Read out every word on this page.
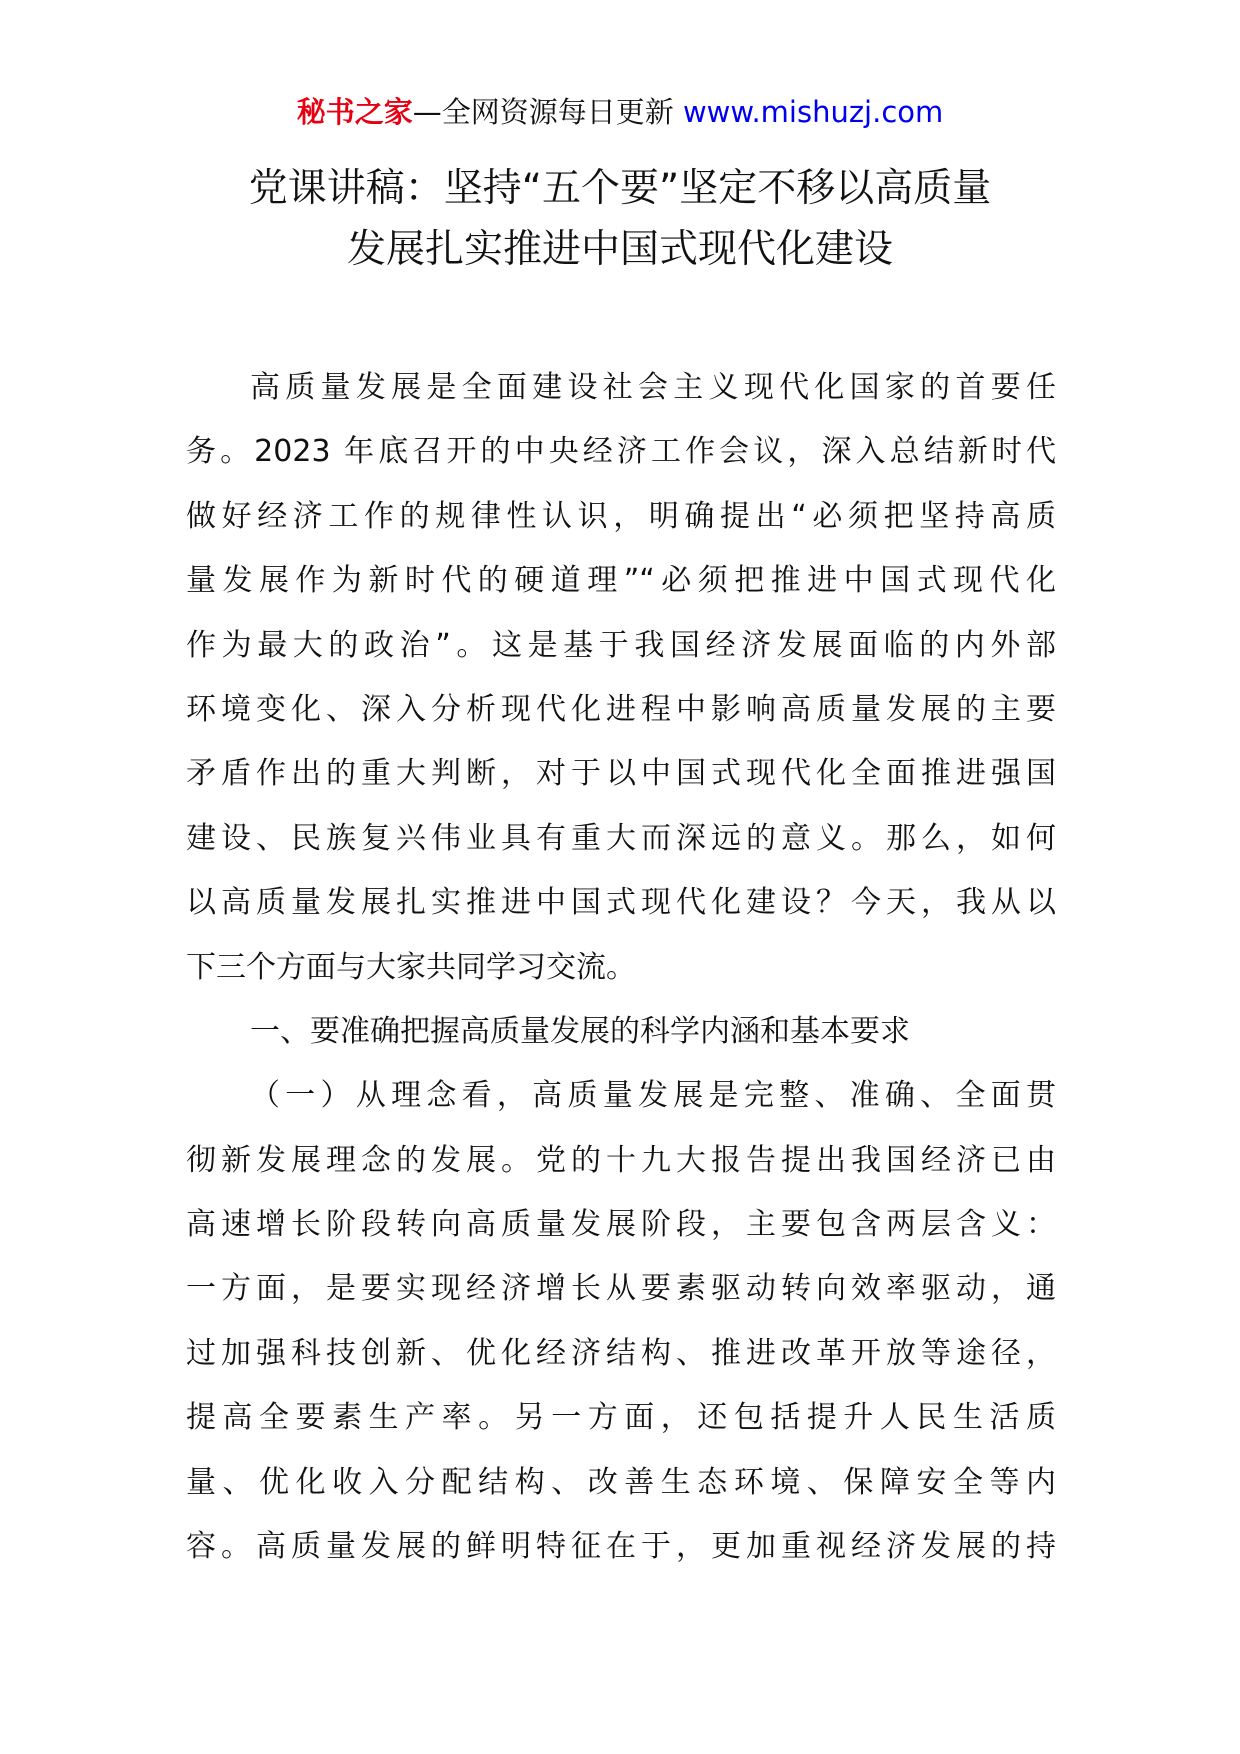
秘书之家—全网资源每日更新 www.mishuzj.com
党课讲稿：坚持“五个要”坚定不移以高质量
发展扎实推进中国式现代化建设
高质量发展是全面建设社会主义现代化国家的首要任
务。2023 年底召开的中央经济工作会议，深入总结新时代
做好经济工作的规律性认识，明确提出“必须把坚持高质
量发展作为新时代的硬道理”“必须把推进中国式现代化
作为最大的政治”。这是基于我国经济发展面临的内外部
环境变化、深入分析现代化进程中影响高质量发展的主要
矛盾作出的重大判断，对于以中国式现代化全面推进强国
建设、民族复兴伟业具有重大而深远的意义。那么，如何
以高质量发展扎实推进中国式现代化建设？今天，我从以
下三个方面与大家共同学习交流。
一、要准确把握高质量发展的科学内涵和基本要求
（一）从理念看，高质量发展是完整、准确、全面贯
彻新发展理念的发展。党的十九大报告提出我国经济已由
高速增长阶段转向高质量发展阶段，主要包含两层含义：
一方面，是要实现经济增长从要素驱动转向效率驱动，通
过加强科技创新、优化经济结构、推进改革开放等途径，
提高全要素生产率。另一方面，还包括提升人民生活质
量、优化收入分配结构、改善生态环境、保障安全等内
容。高质量发展的鲜明特征在于，更加重视经济发展的持
